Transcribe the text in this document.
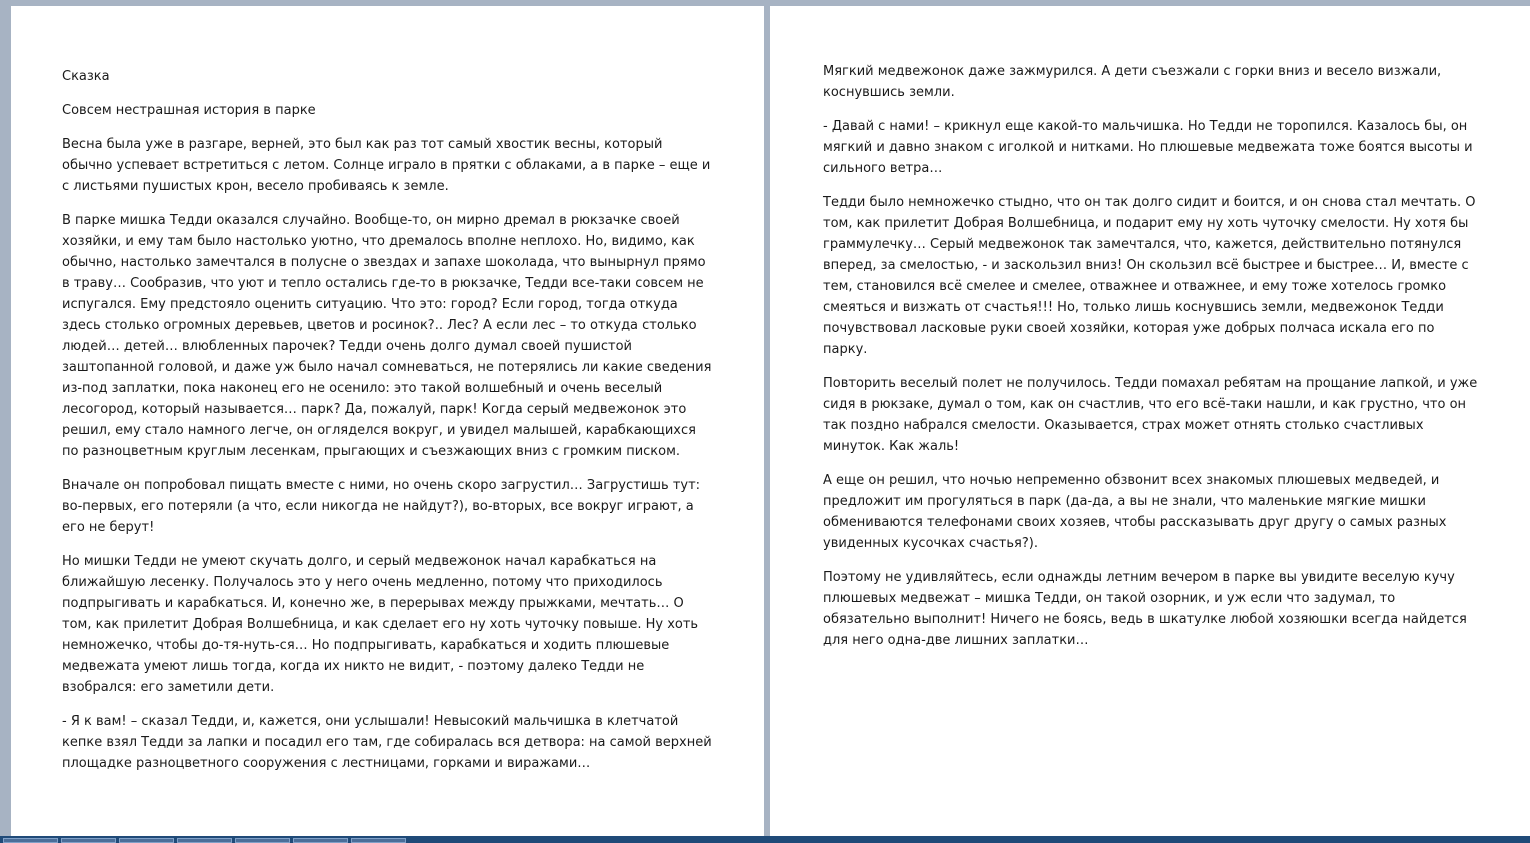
Сказка

Совсем нестрашная история в парке

Весна была уже в разгаре, верней, это был как раз тот самый хвостик весны, который обычно успевает встретиться с летом. Солнце играло в прятки с облаками, а в парке – еще и с листьями пушистых крон, весело пробиваясь к земле.

В парке мишка Тедди оказался случайно. Вообще-то, он мирно дремал в рюкзачке своей хозяйки, и ему там было настолько уютно, что дремалось вполне неплохо. Но, видимо, как обычно, настолько замечтался в полусне о звездах и запахе шоколада, что вынырнул прямо в траву… Сообразив, что уют и тепло остались где-то в рюкзачке, Тедди все-таки совсем не испугался. Ему предстояло оценить ситуацию. Что это: город? Если город, тогда откуда здесь столько огромных деревьев, цветов и росинок?.. Лес? А если лес – то откуда столько людей… детей… влюбленных парочек? Тедди очень долго думал своей пушистой заштопанной головой, и даже уж было начал сомневаться, не потерялись ли какие сведения из-под заплатки, пока наконец его не осенило: это такой волшебный и очень веселый лесогород, который называется… парк? Да, пожалуй, парк! Когда серый медвежонок это решил, ему стало намного легче, он огляделся вокруг, и увидел малышей, карабкающихся по разноцветным круглым лесенкам, прыгающих и съезжающих вниз с громким писком.

Вначале он попробовал пищать вместе с ними, но очень скоро загрустил… Загрустишь тут: во-первых, его потеряли (а что, если никогда не найдут?), во-вторых, все вокруг играют, а его не берут!

Но мишки Тедди не умеют скучать долго, и серый медвежонок начал карабкаться на ближайшую лесенку. Получалось это у него очень медленно, потому что приходилось подпрыгивать и карабкаться. И, конечно же, в перерывах между прыжками, мечтать… О том, как прилетит Добрая Волшебница, и как сделает его ну хоть чуточку повыше. Ну хоть немножечко, чтобы до-тя-нуть-ся… Но подпрыгивать, карабкаться и ходить плюшевые медвежата умеют лишь тогда, когда их никто не видит, - поэтому далеко Тедди не взобрался: его заметили дети.

- Я к вам! – сказал Тедди, и, кажется, они услышали! Невысокий мальчишка в клетчатой кепке взял Тедди за лапки и посадил его там, где собиралась вся детвора: на самой верхней площадке разноцветного сооружения с лестницами, горками и виражами…

Мягкий медвежонок даже зажмурился. А дети съезжали с горки вниз и весело визжали, коснувшись земли.

- Давай с нами! – крикнул еще какой-то мальчишка. Но Тедди не торопился. Казалось бы, он мягкий и давно знаком с иголкой и нитками. Но плюшевые медвежата тоже боятся высоты и сильного ветра…

Тедди было немножечко стыдно, что он так долго сидит и боится, и он снова стал мечтать. О том, как прилетит Добрая Волшебница, и подарит ему ну хоть чуточку смелости. Ну хотя бы граммулечку… Серый медвежонок так замечтался, что, кажется, действительно потянулся вперед, за смелостью, - и заскользил вниз! Он скользил всё быстрее и быстрее… И, вместе с тем, становился всё смелее и смелее, отважнее и отважнее, и ему тоже хотелось громко смеяться и визжать от счастья!!! Но, только лишь коснувшись земли, медвежонок Тедди почувствовал ласковые руки своей хозяйки, которая уже добрых полчаса искала его по парку.

Повторить веселый полет не получилось. Тедди помахал ребятам на прощание лапкой, и уже сидя в рюкзаке, думал о том, как он счастлив, что его всё-таки нашли, и как грустно, что он так поздно набрался смелости. Оказывается, страх может отнять столько счастливых минуток. Как жаль!

А еще он решил, что ночью непременно обзвонит всех знакомых плюшевых медведей, и предложит им прогуляться в парк (да-да, а вы не знали, что маленькие мягкие мишки обмениваются телефонами своих хозяев, чтобы рассказывать друг другу о самых разных увиденных кусочках счастья?).

Поэтому не удивляйтесь, если однажды летним вечером в парке вы увидите веселую кучу плюшевых медвежат – мишка Тедди, он такой озорник, и уж если что задумал, то обязательно выполнит! Ничего не боясь, ведь в шкатулке любой хозяюшки всегда найдется для него одна-две лишних заплатки…
